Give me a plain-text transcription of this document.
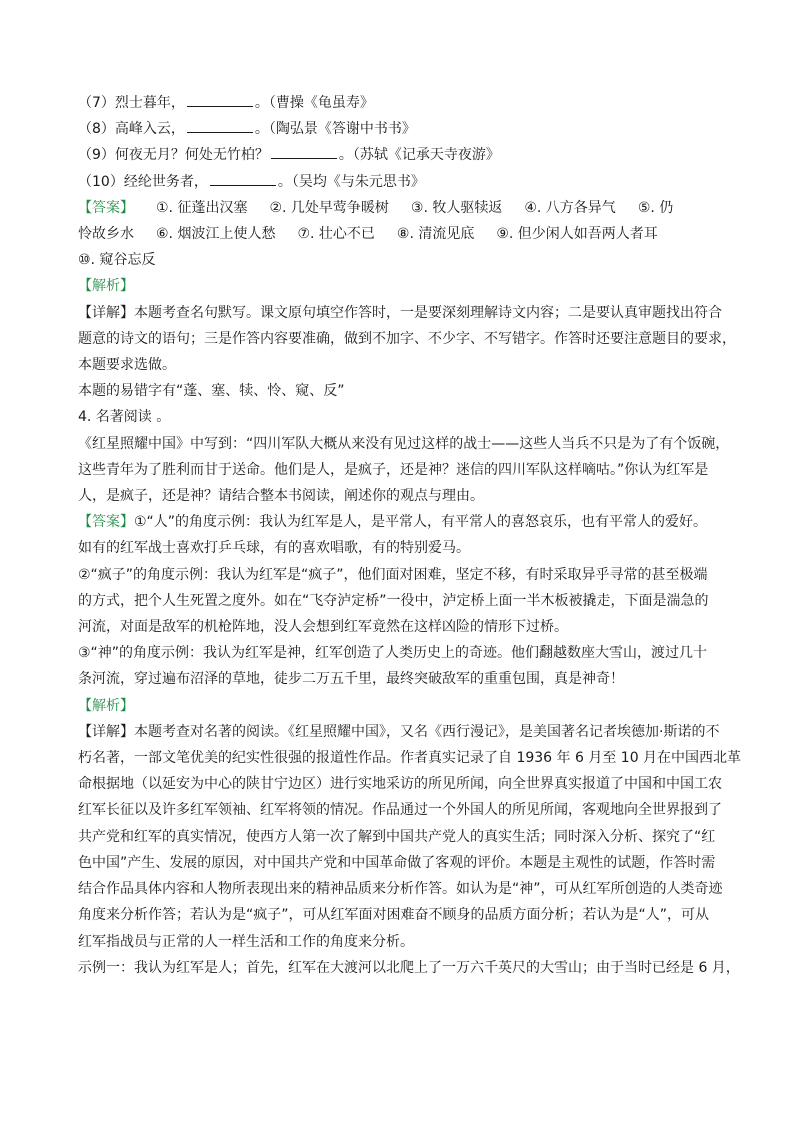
（7）烈士暮年，	。（曹操《龟虽寿》
（8）高峰入云，	。（陶弘景《答谢中书书》
（9）何夜无月？何处无竹柏？	。（苏轼《记承天寺夜游》
（10）经纶世务者，	。（吴均《与朱元思书》
【答案】 ①. 征蓬出汉塞 ②. 几处早莺争暖树 ③. 牧人驱犊返 ④. 八方各异气 ⑤. 仍
怜故乡水 ⑥. 烟波江上使人愁 ⑦. 壮心不已 ⑧. 清流见底 ⑨. 但少闲人如吾两人者耳
⑩. 窥谷忘反
【解析】
【详解】本题考查名句默写。课文原句填空作答时，一是要深刻理解诗文内容；二是要认真审题找出符合
题意的诗文的语句；三是作答内容要准确，做到不加字、不少字、不写错字。作答时还要注意题目的要求，
本题要求选做。
本题的易错字有“蓬、塞、犊、怜、窥、反”
4. 名著阅读 。
《红星照耀中国》中写到：“四川军队大概从来没有见过这样的战士——这些人当兵不只是为了有个饭碗，
这些青年为了胜利而甘于送命。他们是人，是疯子，还是神？迷信的四川军队这样嘀咕。”你认为红军是
人，是疯子，还是神？请结合整本书阅读，阐述你的观点与理由。
【答案】①“人”的角度示例：我认为红军是人，是平常人，有平常人的喜怒哀乐，也有平常人的爱好。
如有的红军战士喜欢打乒乓球，有的喜欢唱歌，有的特别爱马。
②“疯子”的角度示例：我认为红军是“疯子”，他们面对困难，坚定不移，有时采取异乎寻常的甚至极端
的方式，把个人生死置之度外。如在“飞夺泸定桥”一役中，泸定桥上面一半木板被撬走，下面是湍急的
河流，对面是敌军的机枪阵地，没人会想到红军竟然在这样凶险的情形下过桥。
③“神”的角度示例：我认为红军是神，红军创造了人类历史上的奇迹。他们翻越数座大雪山，渡过几十
条河流，穿过遍布沼泽的草地，徒步二万五千里，最终突破敌军的重重包围，真是神奇！
【解析】
【详解】本题考查对名著的阅读。《红星照耀中国》，又名《西行漫记》，是美国著名记者埃德加·斯诺的不
朽名著，一部文笔优美的纪实性很强的报道性作品。作者真实记录了自 1936 年 6 月至 10 月在中国西北革
命根据地（以延安为中心的陕甘宁边区）进行实地采访的所见所闻，向全世界真实报道了中国和中国工农
红军长征以及许多红军领袖、红军将领的情况。作品通过一个外国人的所见所闻，客观地向全世界报到了
共产党和红军的真实情况，使西方人第一次了解到中国共产党人的真实生活；同时深入分析、探究了“红
色中国”产生、发展的原因，对中国共产党和中国革命做了客观的评价。本题是主观性的试题，作答时需
结合作品具体内容和人物所表现出来的精神品质来分析作答。如认为是“神”，可从红军所创造的人类奇迹
角度来分析作答；若认为是“疯子”，可从红军面对困难奋不顾身的品质方面分析；若认为是“人”，可从
红军指战员与正常的人一样生活和工作的角度来分析。
示例一：我认为红军是人；首先，红军在大渡河以北爬上了一万六千英尺的大雪山；由于当时已经是 6 月，
